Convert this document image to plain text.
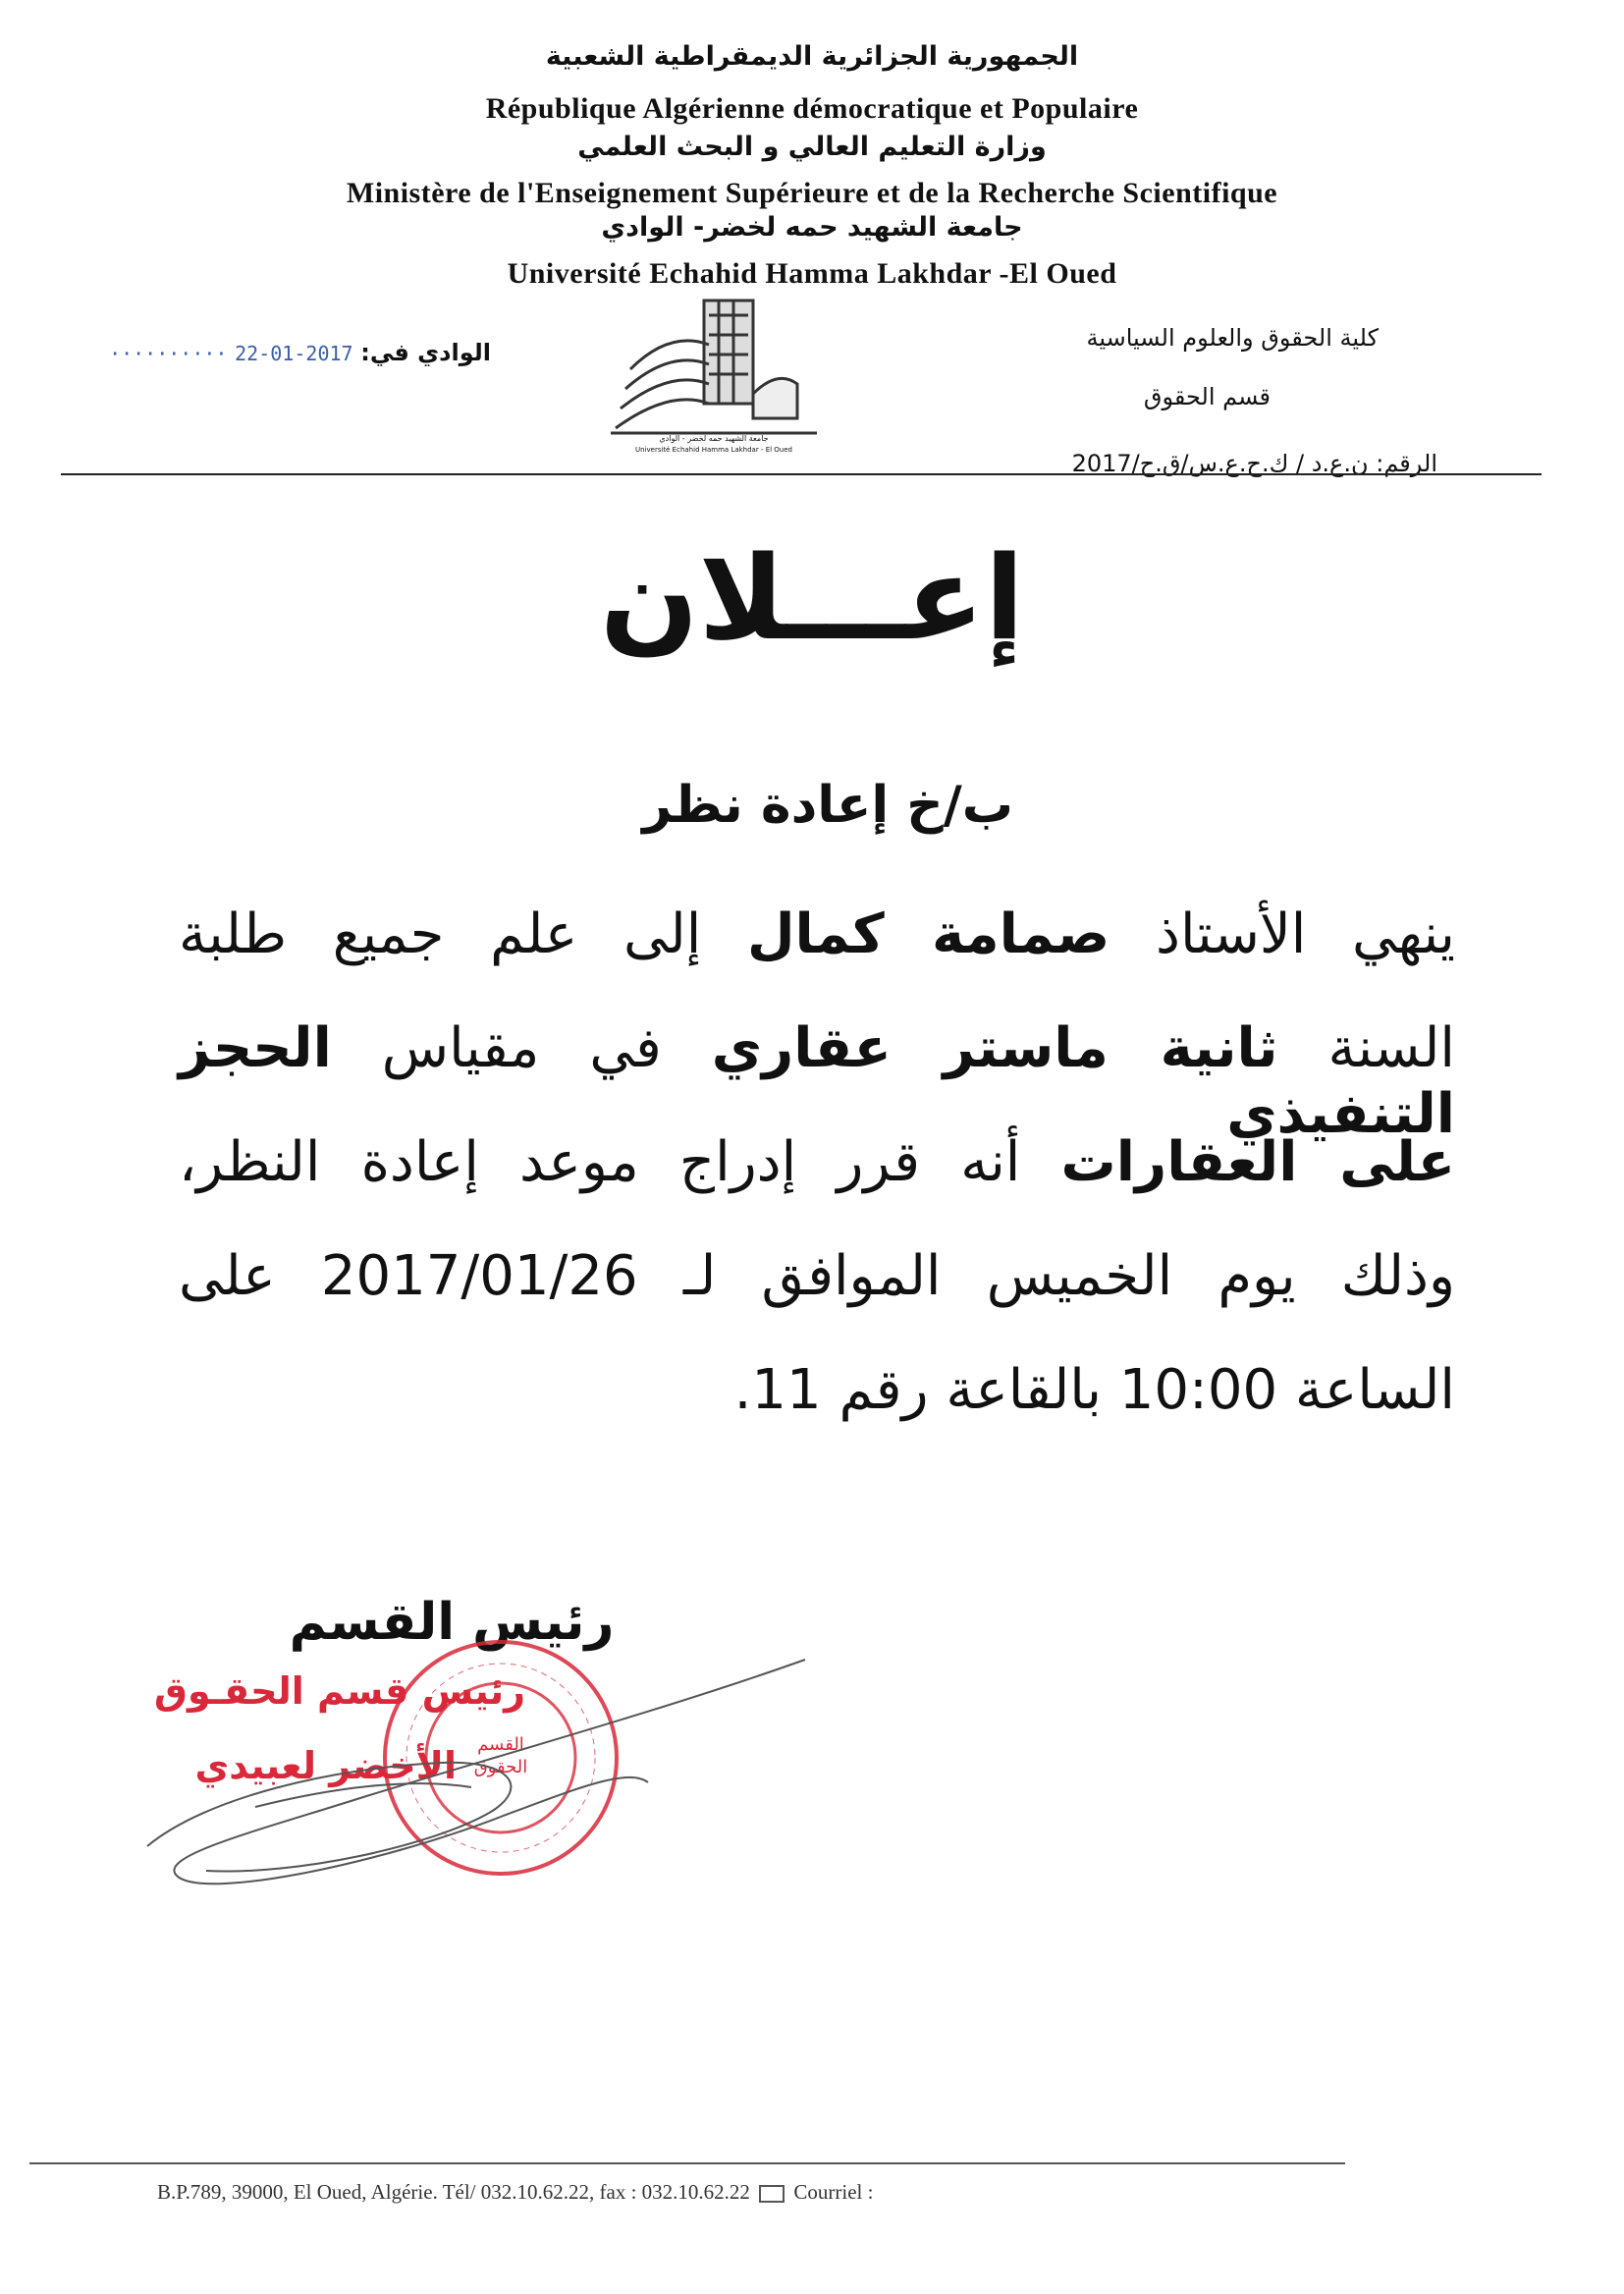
الجمهورية الجزائرية الديمقراطية الشعبية
République Algérienne démocratique et Populaire
وزارة التعليم العالي و البحث العلمي
Ministère de l'Enseignement Supérieure et de la Recherche Scientifique
جامعة الشهيد حمه لخضر- الوادي
Université Echahid Hamma Lakhdar -El Oued
كلية الحقوق والعلوم السياسية
قسم الحقوق
الرقم: ن.ع.د / ك.ح.ع.س/ق.ح/2017
الوادي في: 2017-01-22 ··········
جامعة الشهيد حمه لخضر - الوادي
Université Echahid Hamma Lakhdar - El Oued
إعـــلان
ب/خ إعادة نظر
ينهي الأستاذ صمامة كمال إلى علم جميع طلبة
السنة ثانية ماستر عقاري في مقياس الحجز التنفيذي
على العقارات أنه قرر إدراج موعد إعادة النظر،
وذلك يوم الخميس الموافق لـ 2017/01/26 على
الساعة 10:00 بالقاعة رقم 11.
رئيس القسم
القسم الحقوق
رئيس قسم الحقـوق
الأخضر لعبيدي
B.P.789, 39000, El Oued, Algérie. Tél/ 032.10.62.22, fax : 032.10.62.22 Courriel :
